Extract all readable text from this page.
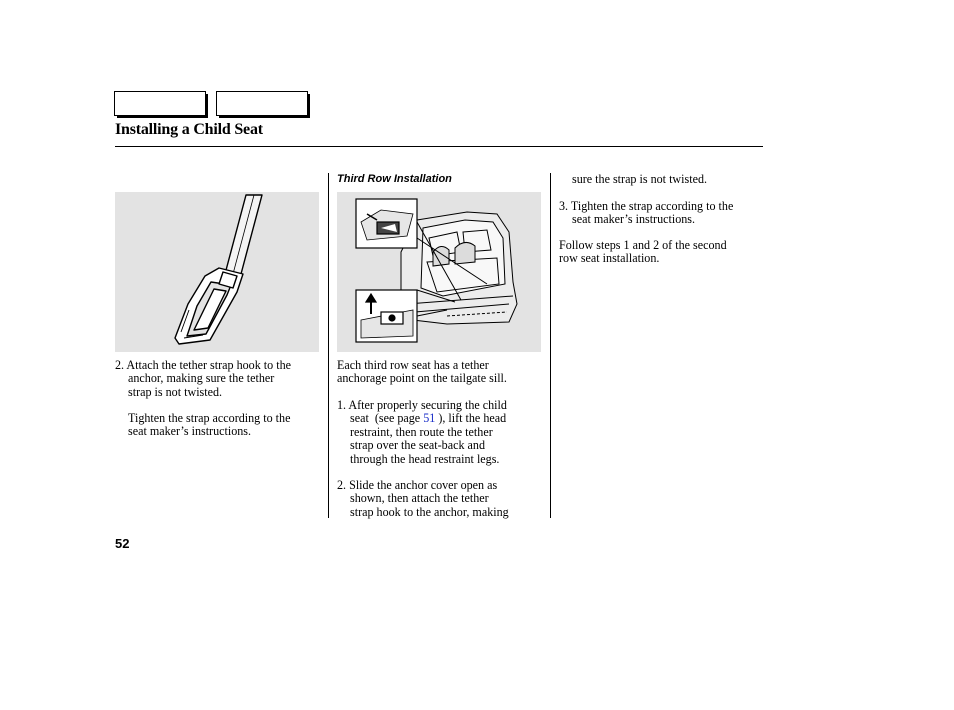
Installing a Child Seat
2. Attach the tether strap hook to the
anchor, making sure the tether
strap is not twisted.
Tighten the strap according to the
seat maker’s instructions.
Third Row Installation
Each third row seat has a tether
anchorage point on the tailgate sill.
1. After properly securing the child
seat  (see page 51 ), lift the head
restraint, then route the tether
strap over the seat-back and
through the head restraint legs.
2. Slide the anchor cover open as
shown, then attach the tether
strap hook to the anchor, making
sure the strap is not twisted.
3. Tighten the strap according to the
seat maker’s instructions.
Follow steps 1 and 2 of the second
row seat installation.
52
